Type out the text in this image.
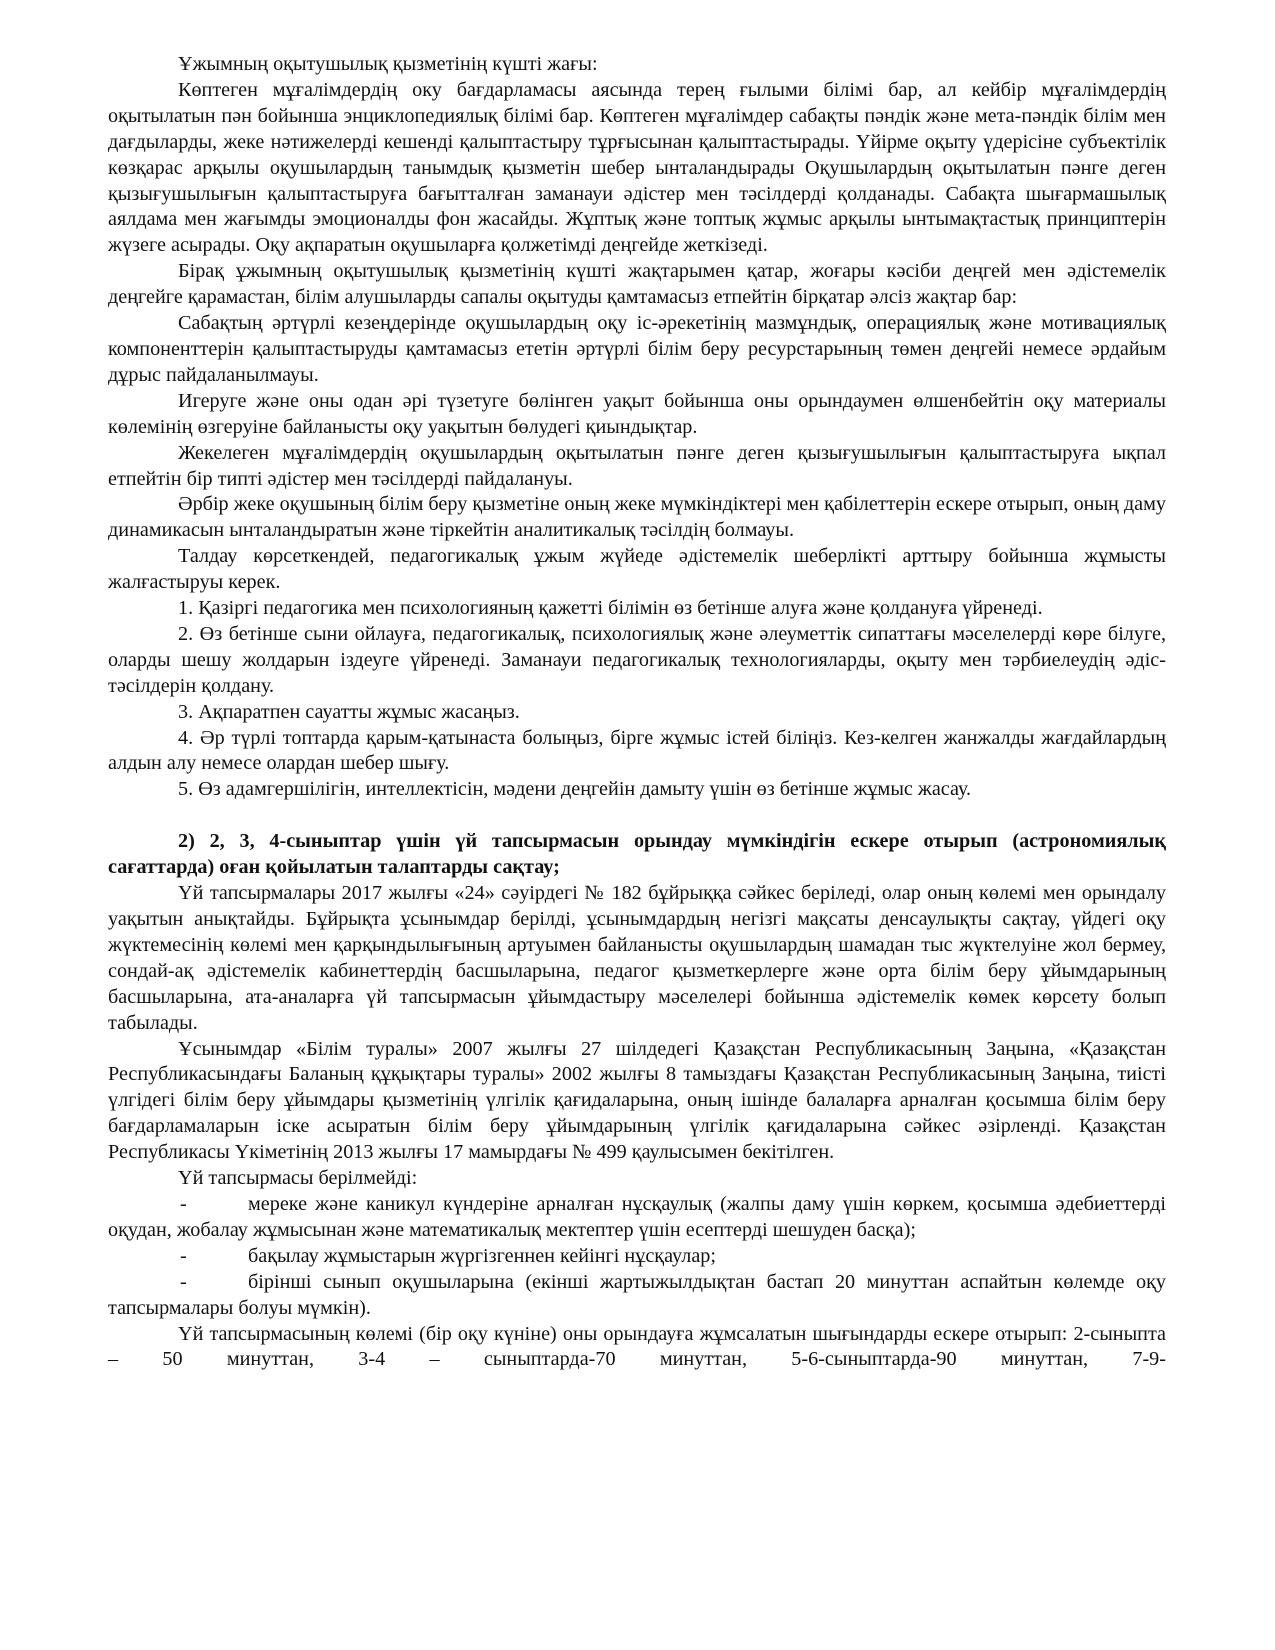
Ұжымның оқытушылық қызметінің күшті жағы:

Көптеген мұғалімдердің оку бағдарламасы аясында терең ғылыми білімі бар, ал кейбір мұғалімдердің оқытылатын пән бойынша энциклопедиялық білімі бар. Көптеген мұғалімдер сабақты пәндік және мета-пәндік білім мен дағдыларды, жеке нәтижелерді кешенді қалыптастыру тұрғысынан қалыптастырады. Үйірме оқыту үдерісіне субъектілік көзқарас арқылы оқушылардың танымдық қызметін шебер ынталандырады Оқушылардың оқытылатын пәнге деген қызығушылығын қалыптастыруға бағытталған заманауи әдістер мен тәсілдерді қолданады. Сабақта шығармашылық аялдама мен жағымды эмоционалды фон жасайды. Жұптық және топтық жұмыс арқылы ынтымақтастық принциптерін жүзеге асырады. Оқу ақпаратын оқушыларға қолжетімді деңгейде жеткізеді.

Бірақ ұжымның оқытушылық қызметінің күшті жақтарымен қатар, жоғары кәсіби деңгей мен әдістемелік деңгейге қарамастан, білім алушыларды сапалы оқытуды қамтамасыз етпейтін бірқатар әлсіз жақтар бар:

Сабақтың әртүрлі кезеңдерінде оқушылардың оқу іс-әрекетінің мазмұндық, операциялық және мотивациялық компоненттерін қалыптастыруды қамтамасыз ететін әртүрлі білім беру ресурстарының төмен деңгейі немесе әрдайым дұрыс пайдаланылмауы.

Игеруге және оны одан әрі түзетуге бөлінген уақыт бойынша оны орындаумен өлшенбейтін оқу материалы көлемінің өзгеруіне байланысты оқу уақытын бөлудегі қиындықтар.

Жекелеген мұғалімдердің оқушылардың оқытылатын пәнге деген қызығушылығын қалыптастыруға ықпал етпейтін бір типті әдістер мен тәсілдерді пайдалануы.

Әрбір жеке оқушының білім беру қызметіне оның жеке мүмкіндіктері мен қабілеттерін ескере отырып, оның даму динамикасын ынталандыратын және тіркейтін аналитикалық тәсілдің болмауы.

Талдау көрсеткендей, педагогикалық ұжым жүйеде әдістемелік шеберлікті арттыру бойынша жұмысты жалғастыруы керек.

1. Қазіргі педагогика мен психологияның қажетті білімін өз бетінше алуға және қолдануға үйренеді.

2. Өз бетінше сыни ойлауға, педагогикалық, психологиялық және әлеуметтік сипаттағы мәселелерді көре білуге, оларды шешу жолдарын іздеуге үйренеді. Заманауи педагогикалық технологияларды, оқыту мен тәрбиелеудің әдіс-тәсілдерін қолдану.

3. Ақпаратпен сауатты жұмыс жасаңыз.

4. Әр түрлі топтарда қарым-қатынаста болыңыз, бірге жұмыс істей біліңіз. Кез-келген жанжалды жағдайлардың алдын алу немесе олардан шебер шығу.

5. Өз адамгершілігін, интеллектісін, мәдени деңгейін дамыту үшін өз бетінше жұмыс жасау.

2) 2, 3, 4-сыныптар үшін үй тапсырмасын орындау мүмкіндігін ескере отырып (астрономиялық сағаттарда) оған қойылатын талаптарды сақтау;

Үй тапсырмалары 2017 жылғы «24» сәуірдегі № 182 бұйрыққа сәйкес беріледі, олар оның көлемі мен орындалу уақытын анықтайды. Бұйрықта ұсынымдар берілді, ұсынымдардың негізгі мақсаты денсаулықты сақтау, үйдегі оқу жүктемесінің көлемі мен қарқындылығының артуымен байланысты оқушылардың шамадан тыс жүктелуіне жол бермеу, сондай-ақ әдістемелік кабинеттердің басшыларына, педагог қызметкерлерге және орта білім беру ұйымдарының басшыларына, ата-аналарға үй тапсырмасын ұйымдастыру мәселелері бойынша әдістемелік көмек көрсету болып табылады.

Ұсынымдар «Білім туралы» 2007 жылғы 27 шілдедегі Қазақстан Республикасының Заңына, «Қазақстан Республикасындағы Баланың құқықтары туралы» 2002 жылғы 8 тамыздағы Қазақстан Республикасының Заңына, тиісті үлгідегі білім беру ұйымдары қызметінің үлгілік қағидаларына, оның ішінде балаларға арналған қосымша білім беру бағдарламаларын іске асыратын білім беру ұйымдарының үлгілік қағидаларына сәйкес әзірленді. Қазақстан Республикасы Үкіметінің 2013 жылғы 17 мамырдағы № 499 қаулысымен бекітілген.

Үй тапсырмасы берілмейді:

-	мереке және каникул күндеріне арналған нұсқаулық (жалпы даму үшін көркем, қосымша әдебиеттерді оқудан, жобалау жұмысынан және математикалық мектептер үшін есептерді шешуден басқа);

-	бақылау жұмыстарын жүргізгеннен кейінгі нұсқаулар;

-	бірінші сынып оқушыларына (екінші жартыжылдықтан бастап 20 минуттан аспайтын көлемде оқу тапсырмалары болуы мүмкін).

Үй тапсырмасының көлемі (бір оқу күніне) оны орындауға жұмсалатын шығындарды ескере отырып: 2-сыныпта – 50 минуттан, 3-4 – сыныптарда-70 минуттан, 5-6-сыныптарда-90 минуттан, 7-9-
